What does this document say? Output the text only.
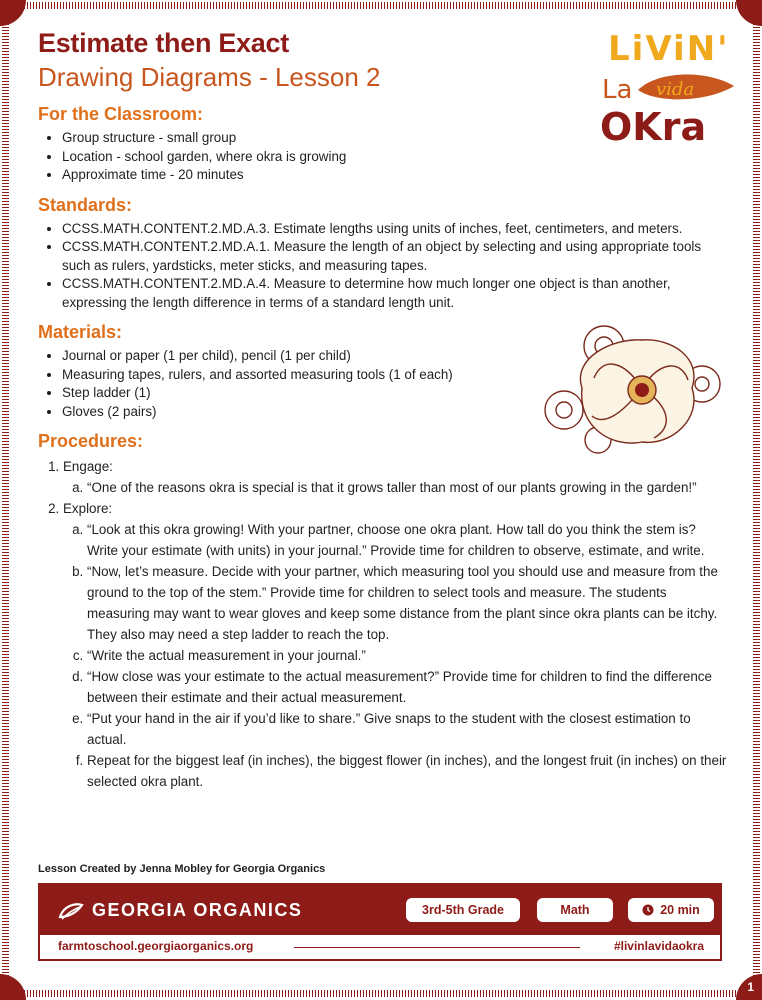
1
Estimate then Exact
Drawing Diagrams - Lesson 2
LiViN'
La vida
OKra
For the Classroom:
• Group structure - small group
• Location - school garden, where okra is growing
• Approximate time - 20 minutes
Standards:
• CCSS.MATH.CONTENT.2.MD.A.3. Estimate lengths using units of inches, feet, centimeters, and meters.
• CCSS.MATH.CONTENT.2.MD.A.1. Measure the length of an object by selecting and using appropriate tools such as rulers, yardsticks, meter sticks, and measuring tapes.
• CCSS.MATH.CONTENT.2.MD.A.4. Measure to determine how much longer one object is than another, expressing the length difference in terms of a standard length unit.
Materials:
• Journal or paper (1 per child), pencil (1 per child)
• Measuring tapes, rulers, and assorted measuring tools (1 of each)
• Step ladder (1)
• Gloves (2 pairs)
Procedures:
1. Engage:
a. “One of the reasons okra is special is that it grows taller than most of our plants growing in the garden!”
2. Explore:
a. “Look at this okra growing! With your partner, choose one okra plant. How tall do you think the stem is? Write your estimate (with units) in your journal.” Provide time for children to observe, estimate, and write.
b. “Now, let’s measure. Decide with your partner, which measuring tool you should use and measure from the ground to the top of the stem.” Provide time for children to select tools and measure. The students measuring may want to wear gloves and keep some distance from the plant since okra plants can be itchy. They also may need a step ladder to reach the top.
c. “Write the actual measurement in your journal.”
d. “How close was your estimate to the actual measurement?” Provide time for children to find the difference between their estimate and their actual measurement.
e. “Put your hand in the air if you’d like to share.” Give snaps to the student with the closest estimation to actual.
f. Repeat for the biggest leaf (in inches), the biggest flower (in inches), and the longest fruit (in inches) on their selected okra plant.
Lesson Created by Jenna Mobley for Georgia Organics
GEORGIA ORGANICS	3rd-5th Grade	Math	20 min
farmtoschool.georgiaorganics.org	#livinlavidaokra
